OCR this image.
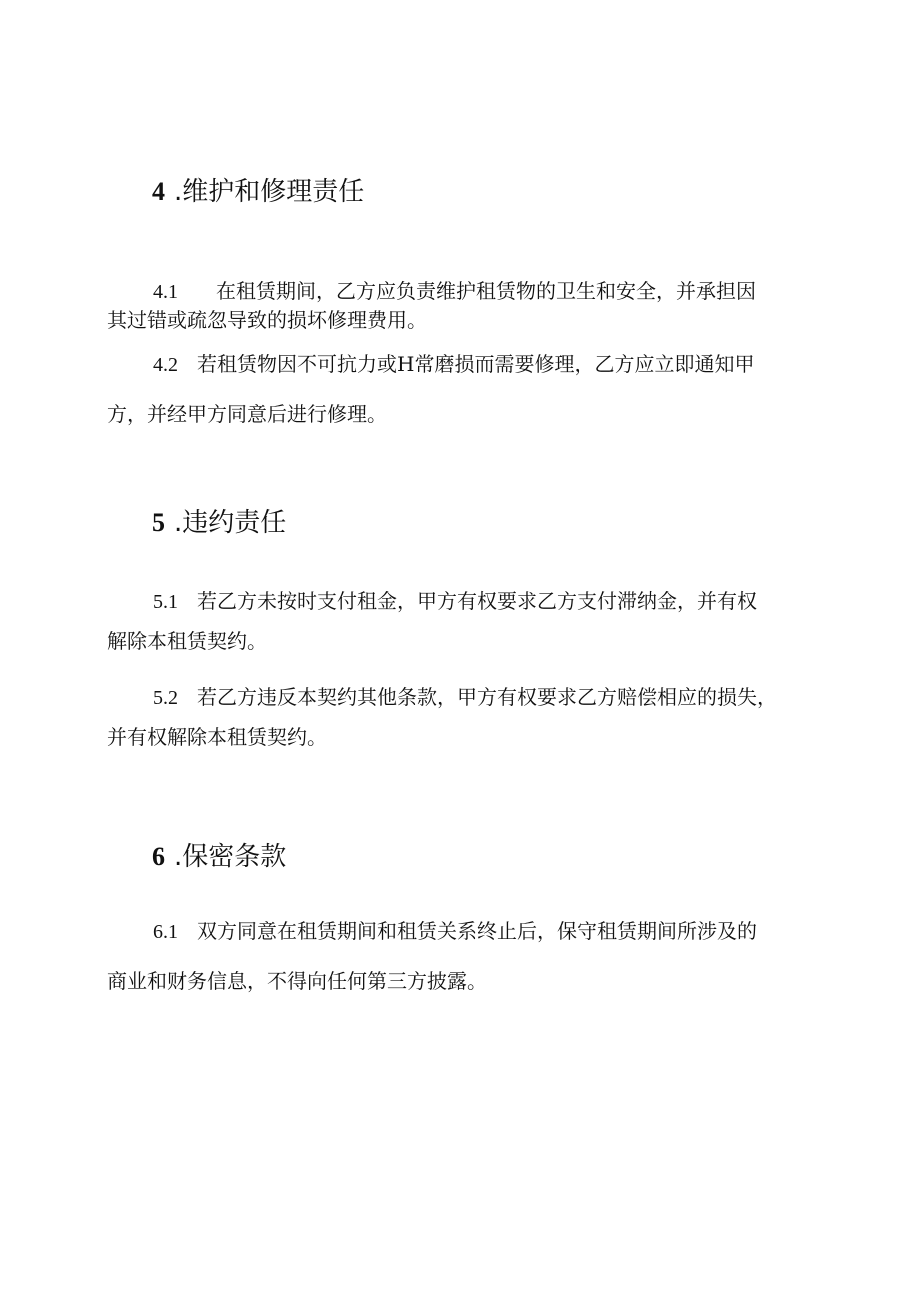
4 .维护和修理责任
4.1 在租赁期间，乙方应负责维护租赁物的卫生和安全，并承担因
其过错或疏忽导致的损坏修理费用。
4.2 若租赁物因不可抗力或H常磨损而需要修理，乙方应立即通知甲
方，并经甲方同意后进行修理。
5 .违约责任
5.1 若乙方未按时支付租金，甲方有权要求乙方支付滞纳金，并有权
解除本租赁契约。
5.2 若乙方违反本契约其他条款，甲方有权要求乙方赔偿相应的损失，
并有权解除本租赁契约。
6 .保密条款
6.1 双方同意在租赁期间和租赁关系终止后，保守租赁期间所涉及的
商业和财务信息，不得向任何第三方披露。
